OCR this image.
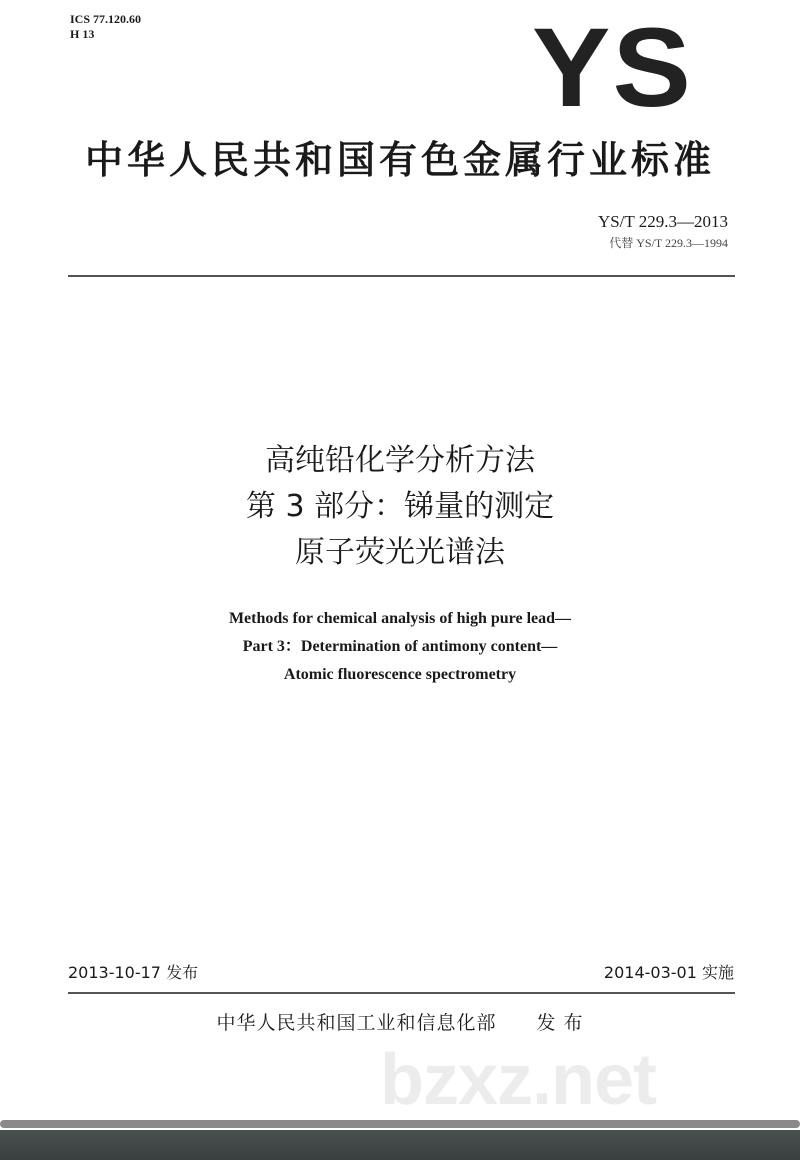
ICS 77.120.60
H 13	YS
中华人民共和国有色金属行业标准
YS/T 229.3—2013
代替 YS/T 229.3—1994
高纯铅化学分析方法
第 3 部分：锑量的测定
原子荧光光谱法
Methods for chemical analysis of high pure lead—
Part 3：Determination of antimony content—
Atomic fluorescence spectrometry
2013-10-17 发布	2014-03-01 实施
中华人民共和国工业和信息化部　　发 布
bzxz.net
